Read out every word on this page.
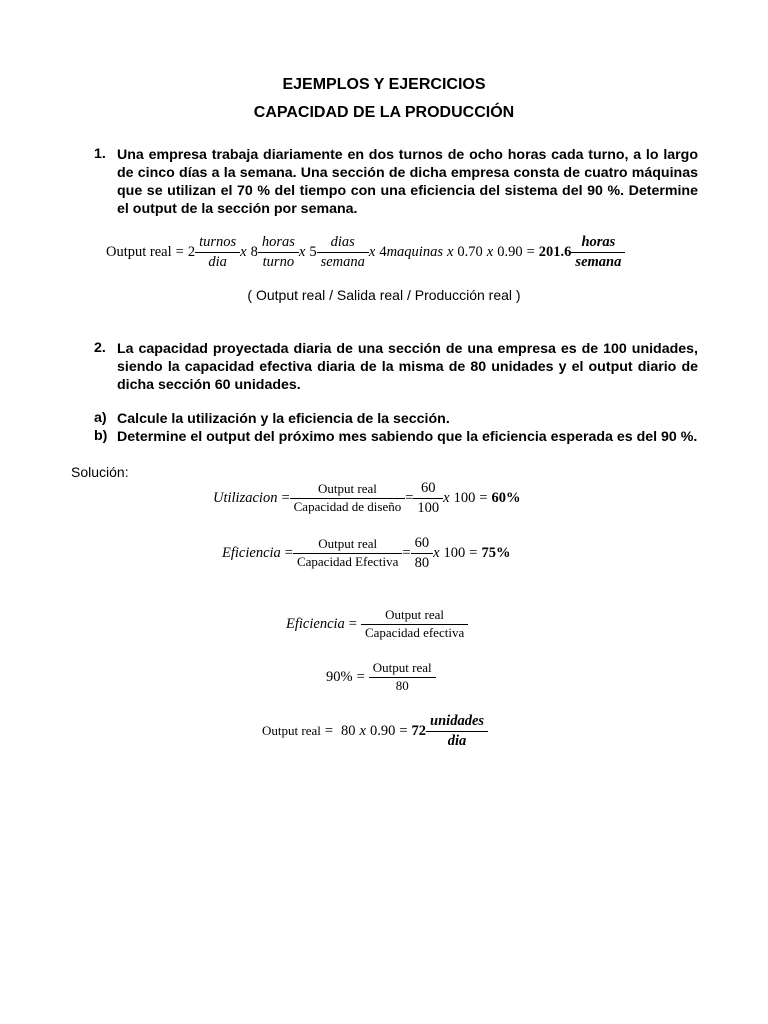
EJEMPLOS Y EJERCICIOS
CAPACIDAD DE LA PRODUCCIÓN
1. Una empresa trabaja diariamente en dos turnos de ocho horas cada turno, a lo largo de cinco días a la semana. Una sección de dicha empresa consta de cuatro máquinas que se utilizan el 70 % del tiempo con una eficiencia del sistema del 90 %. Determine el output de la sección por semana.
Output real = $2 \frac{\text{turnos}}{\text{dia}}$ x $8 \frac{\text{horas}}{\text{turno}}$ x $5 \frac{\text{dias}}{\text{semana}}$ x 4 maquinas x 0.70 x $0.90 = 201.6 \frac{\text{horas}}{\text{semana}}$
( Output real / Salida real / Producción real )
2. La capacidad proyectada diaria de una sección de una empresa es de 100 unidades, siendo la capacidad efectiva diaria de la misma de 80 unidades y el output diario de dicha sección 60 unidades.
a) Calcule la utilización y la eficiencia de la sección.
b) Determine el output del próximo mes sabiendo que la eficiencia esperada es del 90 %.
Solución:
Utilizacion = $\frac{\text{Output real}}{\text{Capacidad de diseño}} = \frac{60}{100}$ x 100 = 60%
Eficiencia = $\frac{\text{Output real}}{\text{Capacidad Efectiva}} = \frac{60}{80}$ x 100 = 75%
Eficiencia = $\frac{\text{Output real}}{\text{Capacidad efectiva}}$
$90\% = \frac{\text{Output real}}{80}$
Output real = 80 x $0.90 = 72 \frac{\text{unidades}}{\text{dia}}$
